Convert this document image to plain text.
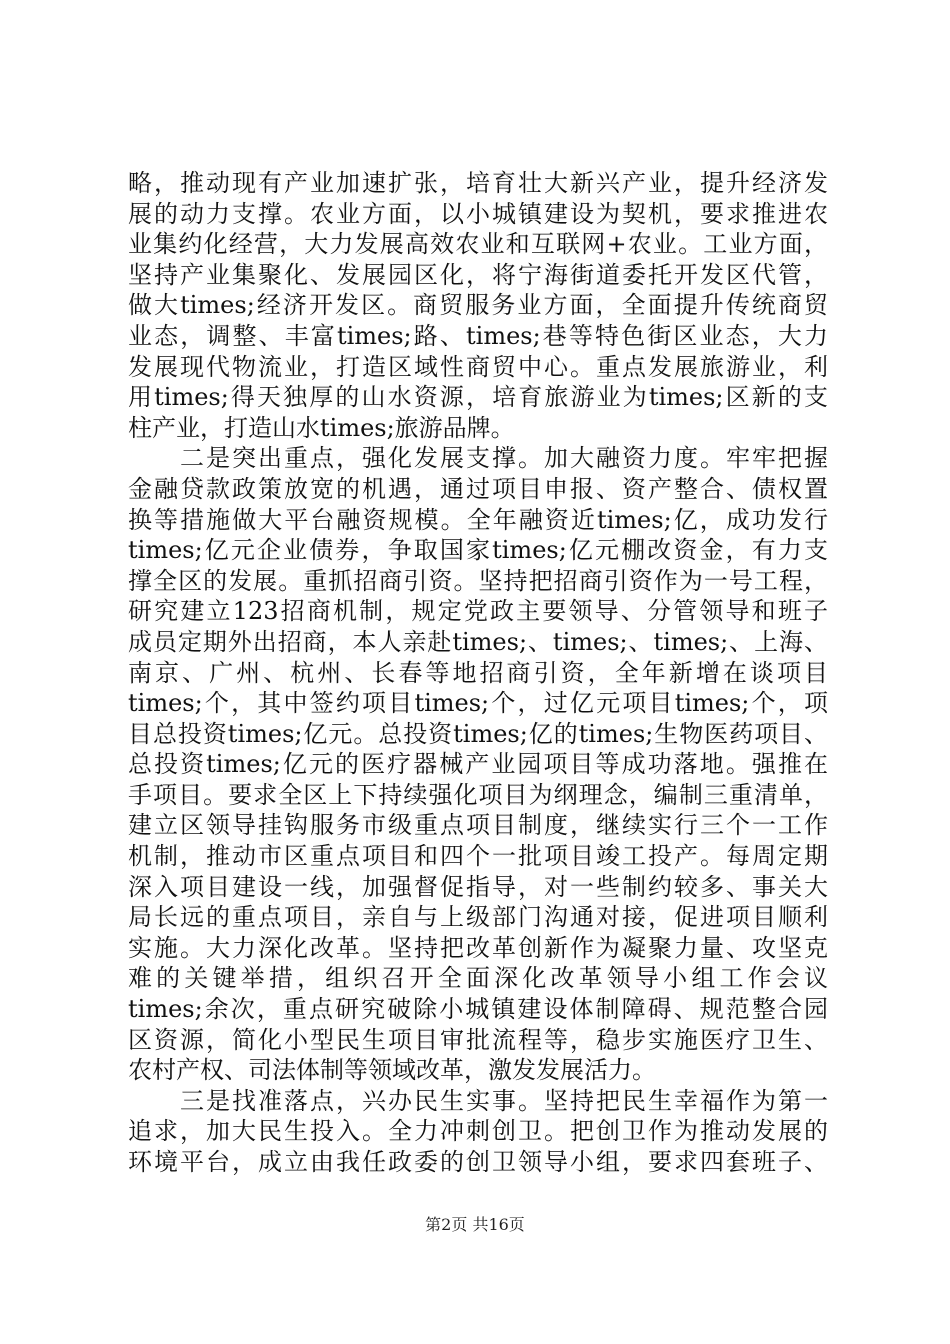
略，推动现有产业加速扩张，培育壮大新兴产业，提升经济发
展的动力支撑。农业方面，以小城镇建设为契机，要求推进农
业集约化经营，大力发展高效农业和互联网+农业。工业方面，
坚持产业集聚化、发展园区化，将宁海街道委托开发区代管，
做大times;经济开发区。商贸服务业方面，全面提升传统商贸
业态，调整、丰富times;路、times;巷等特色街区业态，大力
发展现代物流业，打造区域性商贸中心。重点发展旅游业，利
用times;得天独厚的山水资源，培育旅游业为times;区新的支
柱产业，打造山水times;旅游品牌。
　　二是突出重点，强化发展支撑。加大融资力度。牢牢把握
金融贷款政策放宽的机遇，通过项目申报、资产整合、债权置
换等措施做大平台融资规模。全年融资近times;亿，成功发行
times;亿元企业债券，争取国家times;亿元棚改资金，有力支
撑全区的发展。重抓招商引资。坚持把招商引资作为一号工程，
研究建立123招商机制，规定党政主要领导、分管领导和班子
成员定期外出招商，本人亲赴times;、times;、times;、上海、
南京、广州、杭州、长春等地招商引资，全年新增在谈项目
times;个，其中签约项目times;个，过亿元项目times;个，项
目总投资times;亿元。总投资times;亿的times;生物医药项目、
总投资times;亿元的医疗器械产业园项目等成功落地。强推在
手项目。要求全区上下持续强化项目为纲理念，编制三重清单，
建立区领导挂钩服务市级重点项目制度，继续实行三个一工作
机制，推动市区重点项目和四个一批项目竣工投产。每周定期
深入项目建设一线，加强督促指导，对一些制约较多、事关大
局长远的重点项目，亲自与上级部门沟通对接，促进项目顺利
实施。大力深化改革。坚持把改革创新作为凝聚力量、攻坚克
难的关键举措，组织召开全面深化改革领导小组工作会议
times;余次，重点研究破除小城镇建设体制障碍、规范整合园
区资源，简化小型民生项目审批流程等，稳步实施医疗卫生、
农村产权、司法体制等领域改革，激发发展活力。
　　三是找准落点，兴办民生实事。坚持把民生幸福作为第一
追求，加大民生投入。全力冲刺创卫。把创卫作为推动发展的
环境平台，成立由我任政委的创卫领导小组，要求四套班子、
第2页 共16页
